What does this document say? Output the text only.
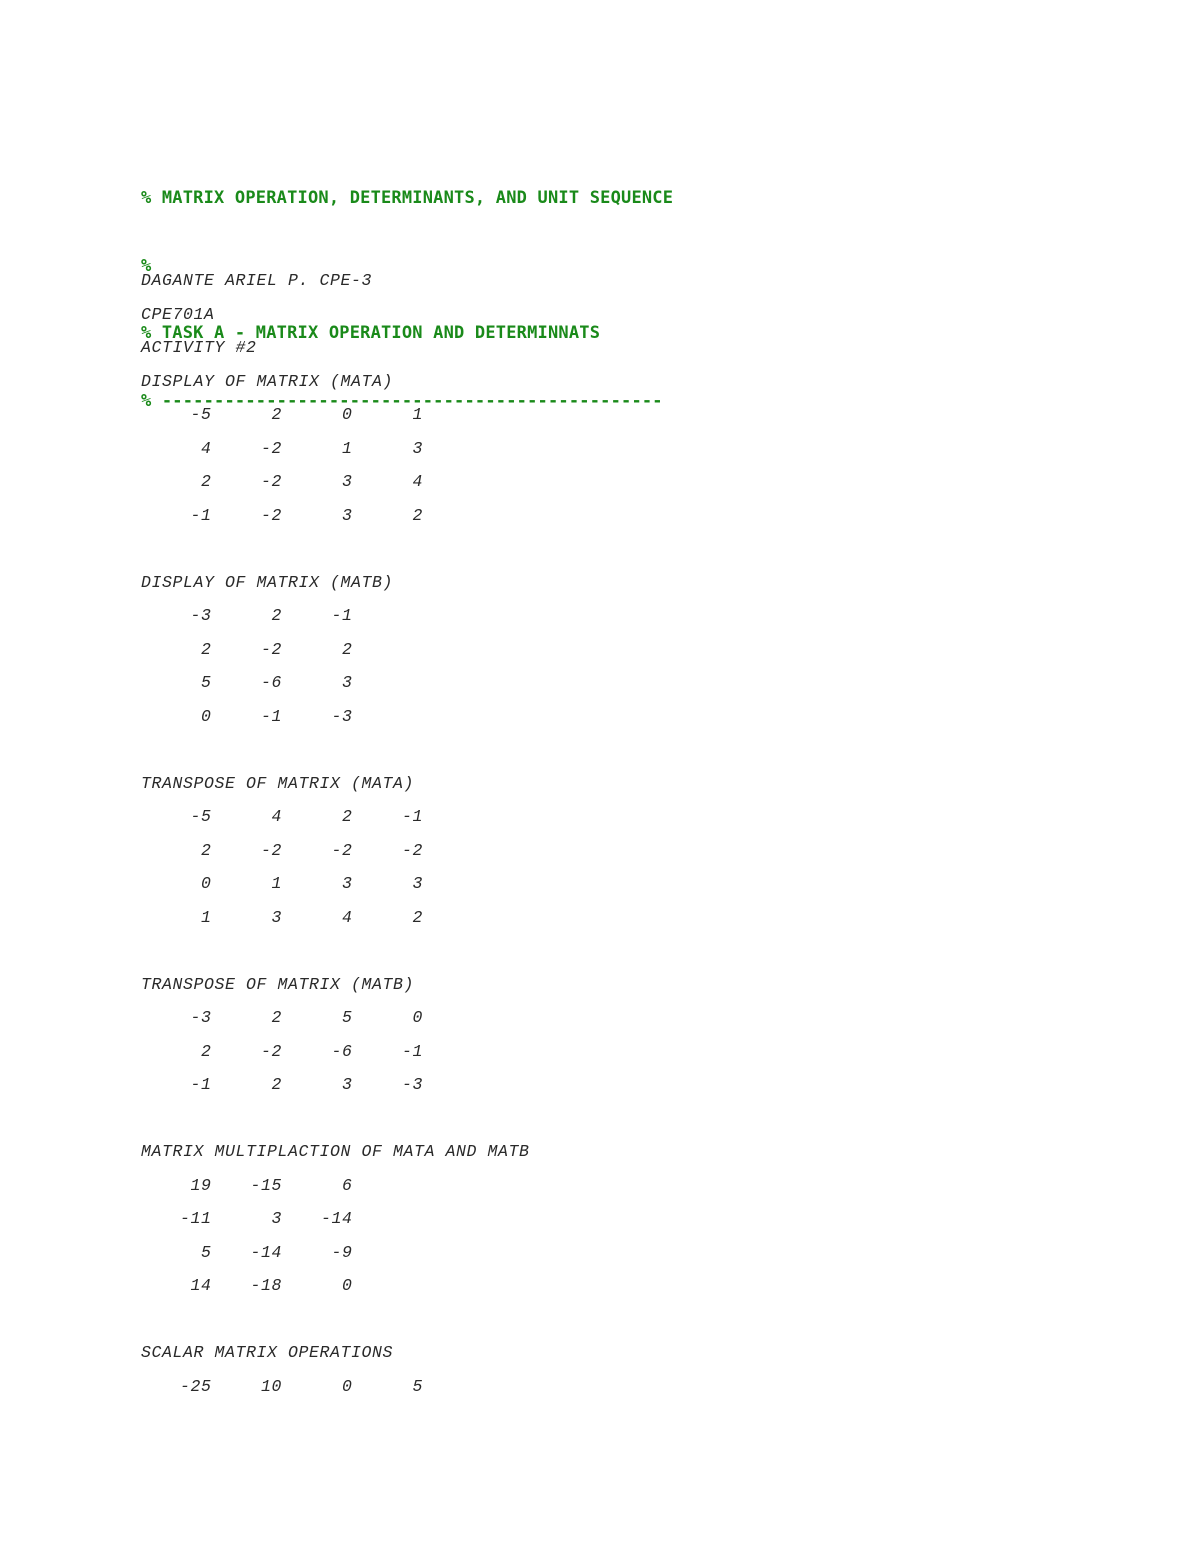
% MATRIX OPERATION, DETERMINANTS, AND UNIT SEQUENCE

%

% TASK A - MATRIX OPERATION AND DETERMINNATS

% ------------------------------------------------

DAGANTE ARIEL P. CPE-3
CPE701A
ACTIVITY #2
DISPLAY OF MATRIX (MATA)
-5	2	0	1
4	-2	1	3
2	-2	3	4
-1	-2	3	2
DISPLAY OF MATRIX (MATB)
-3	2	-1
2	-2	2
5	-6	3
0	-1	-3
TRANSPOSE OF MATRIX (MATA)
-5	4	2	-1
2	-2	-2	-2
0	1	3	3
1	3	4	2
TRANSPOSE OF MATRIX (MATB)
-3	2	5	0
2	-2	-6	-1
-1	2	3	-3
MATRIX MULTIPLACTION OF MATA AND MATB
19	-15	6
-11	3	-14
5	-14	-9
14	-18	0
SCALAR MATRIX OPERATIONS
-25	10	0	5
